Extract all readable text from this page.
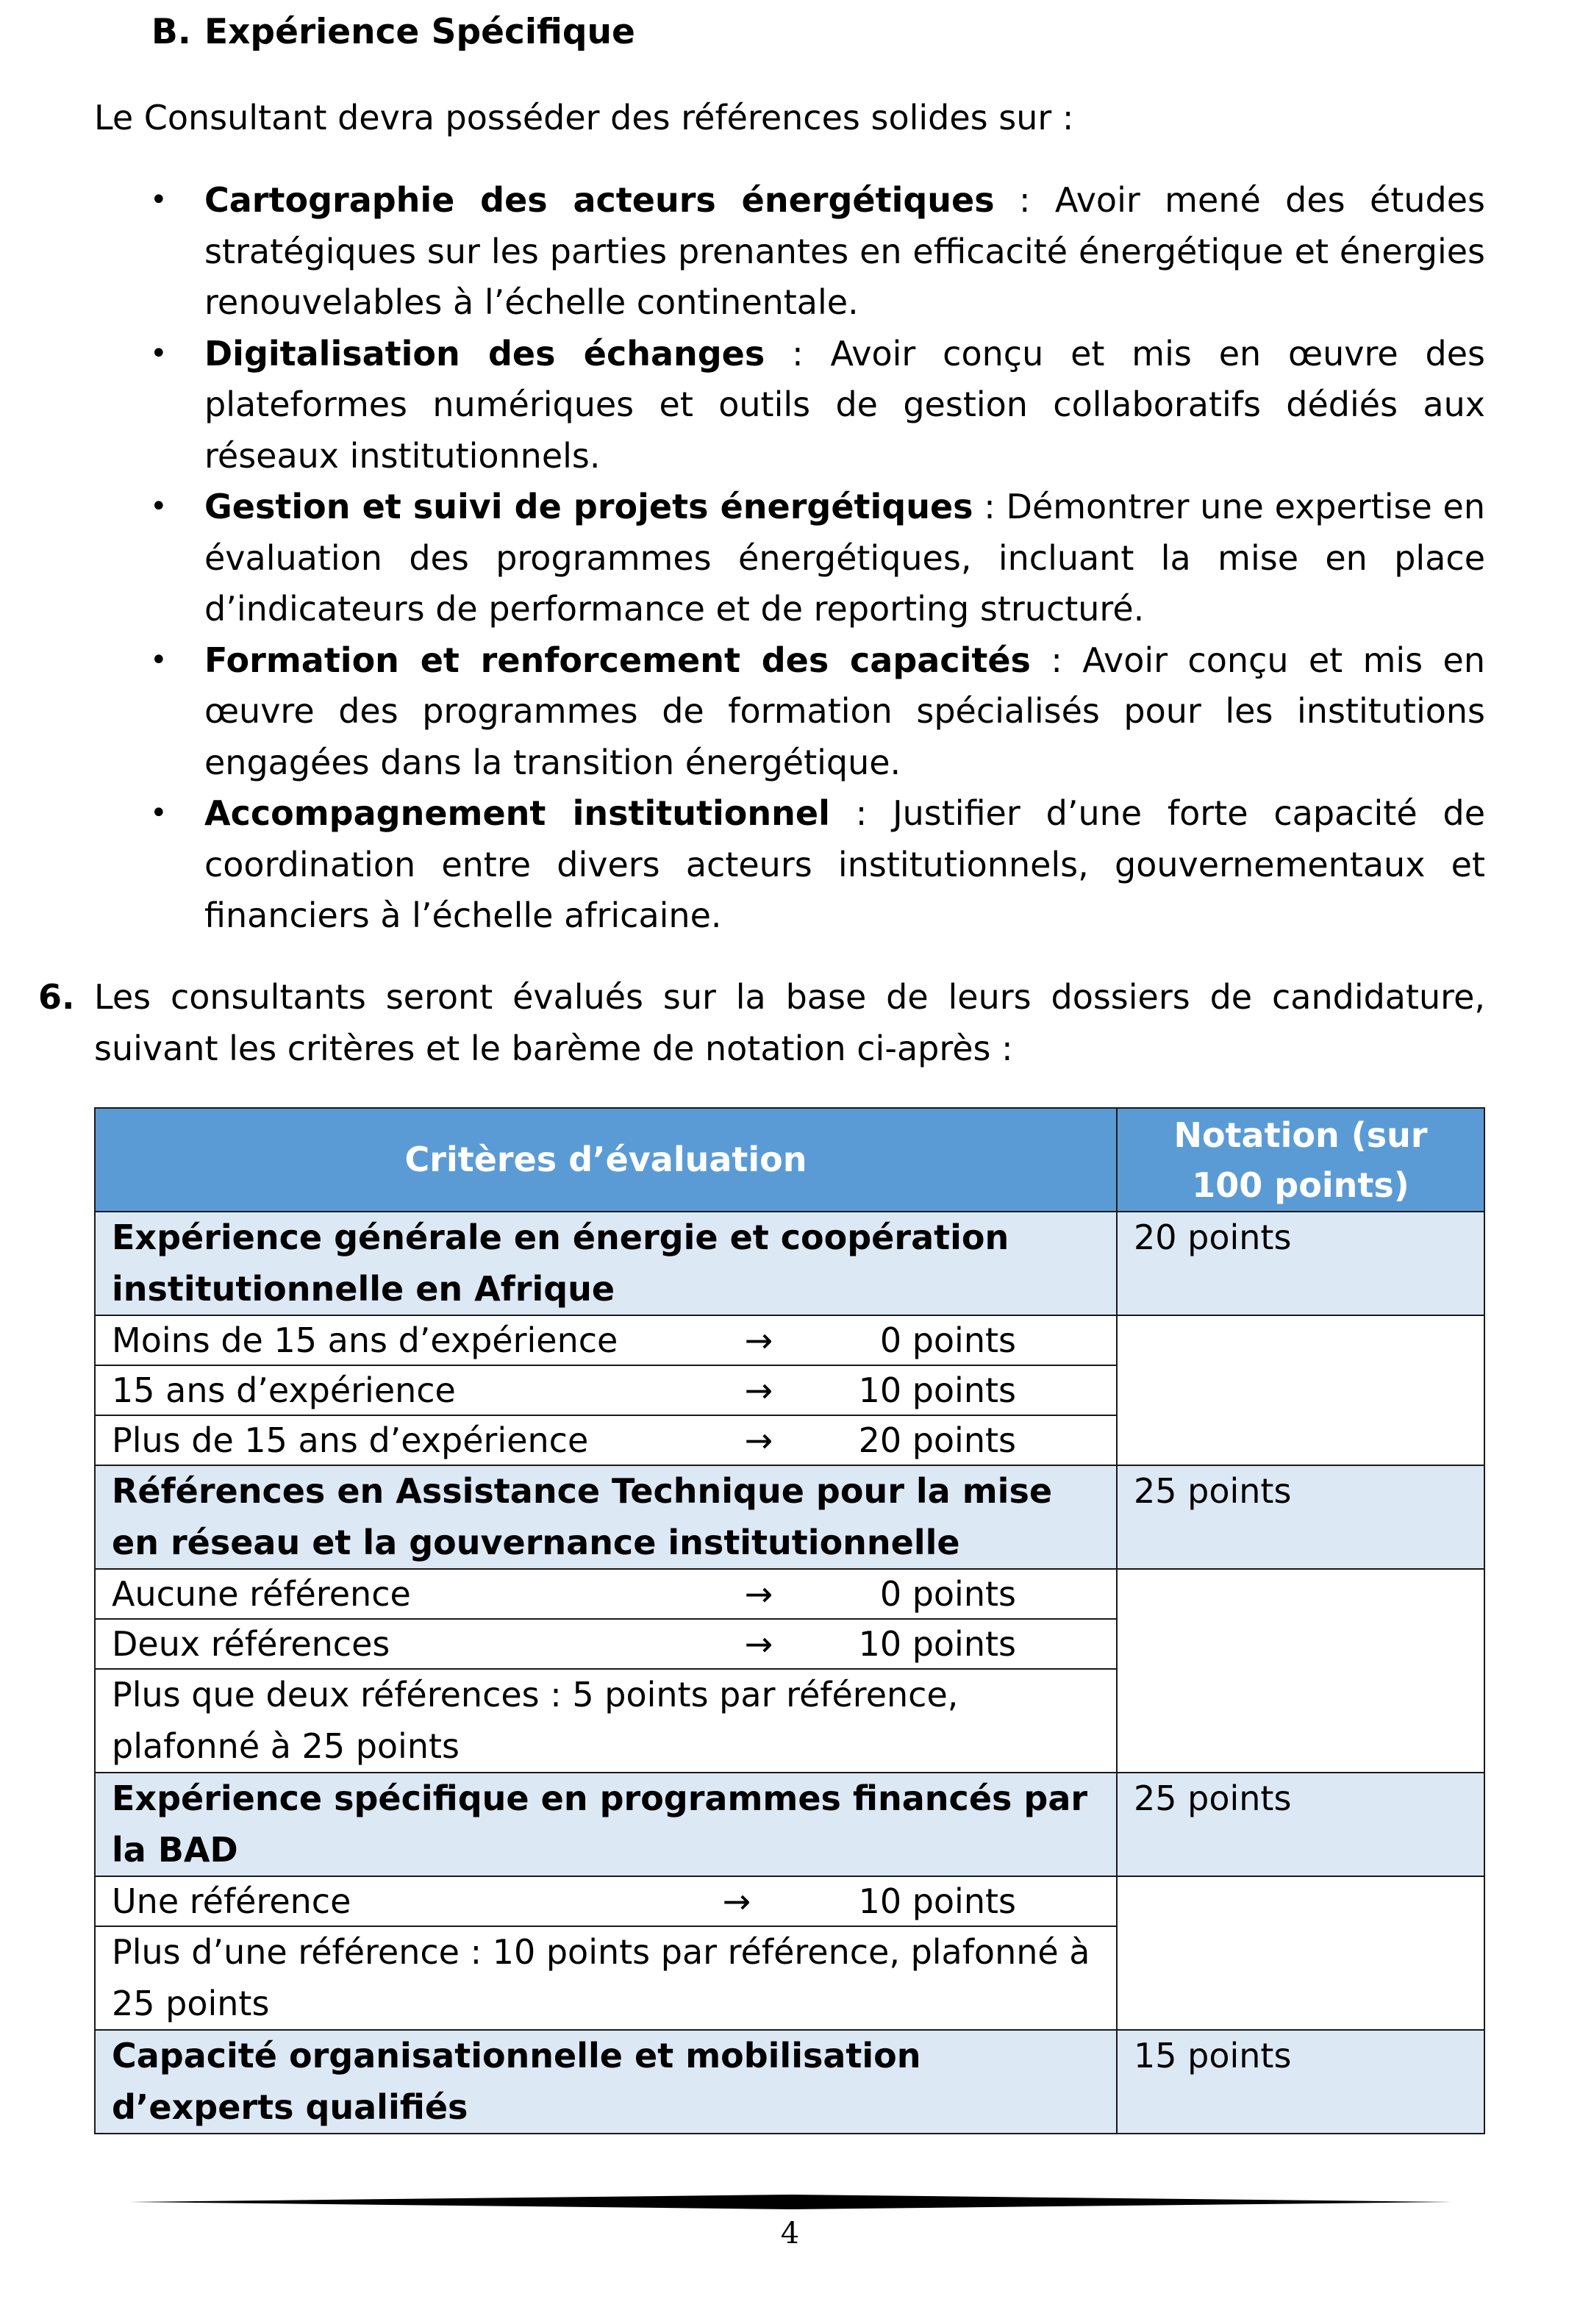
B. Expérience Spécifique
Le Consultant devra posséder des références solides sur :
• Cartographie des acteurs énergétiques : Avoir mené des études stratégiques sur les parties prenantes en efficacité énergétique et énergies renouvelables à l’échelle continentale.
• Digitalisation des échanges : Avoir conçu et mis en œuvre des plateformes numériques et outils de gestion collaboratifs dédiés aux réseaux institutionnels.
• Gestion et suivi de projets énergétiques : Démontrer une expertise en évaluation des programmes énergétiques, incluant la mise en place d’indicateurs de performance et de reporting structuré.
• Formation et renforcement des capacités : Avoir conçu et mis en œuvre des programmes de formation spécialisés pour les institutions engagées dans la transition énergétique.
• Accompagnement institutionnel : Justifier d’une forte capacité de coordination entre divers acteurs institutionnels, gouvernementaux et financiers à l’échelle africaine.
6. Les consultants seront évalués sur la base de leurs dossiers de candidature, suivant les critères et le barème de notation ci-après :
Critères d’évaluation	Notation (sur 100 points)
Expérience générale en énergie et coopération institutionnelle en Afrique	20 points

Moins de 15 ans d’expérience → 0 points	

15 ans d’expérience → 10 points	

Plus de 15 ans d’expérience → 20 points	

Références en Assistance Technique pour la mise en réseau et la gouvernance institutionnelle	25 points

Aucune référence → 0 points	

Deux références → 10 points	

Plus que deux références : 5 points par référence, plafonné à 25 points	
Expérience spécifique en programmes financés par la BAD	25 points

Une référence → 10 points	

Plus d’une référence : 10 points par référence, plafonné à 25 points	
Capacité organisationnelle et mobilisation d’experts qualifiés	15 points
4
